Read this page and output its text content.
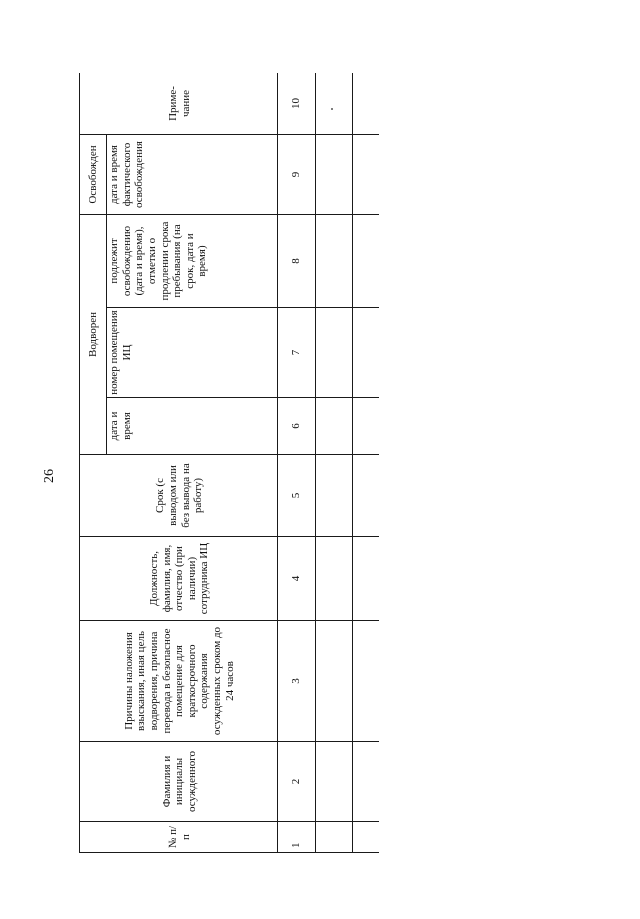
26
№ п/п	Фамилия и инициалы осужденного	Причины наложения взыскания, иная цель водворения, причина перевода в безопасное помещение для краткосрочного содержания осужденных сроком до 24 часов	Должность, фамилия, имя, отчество (при наличии) сотрудника ИЦ	Срок (с выводом или без вывода на работу)	Водворен			Освобожден	Приме-чание
					дата и время	номер помещения ИЦ	подлежит освобождению (дата и время), отметки о продлении срока пребывания (на срок, дата и время)	дата и время фактического освобождения	
1	2	3	4	5	6	7	8	9	10
